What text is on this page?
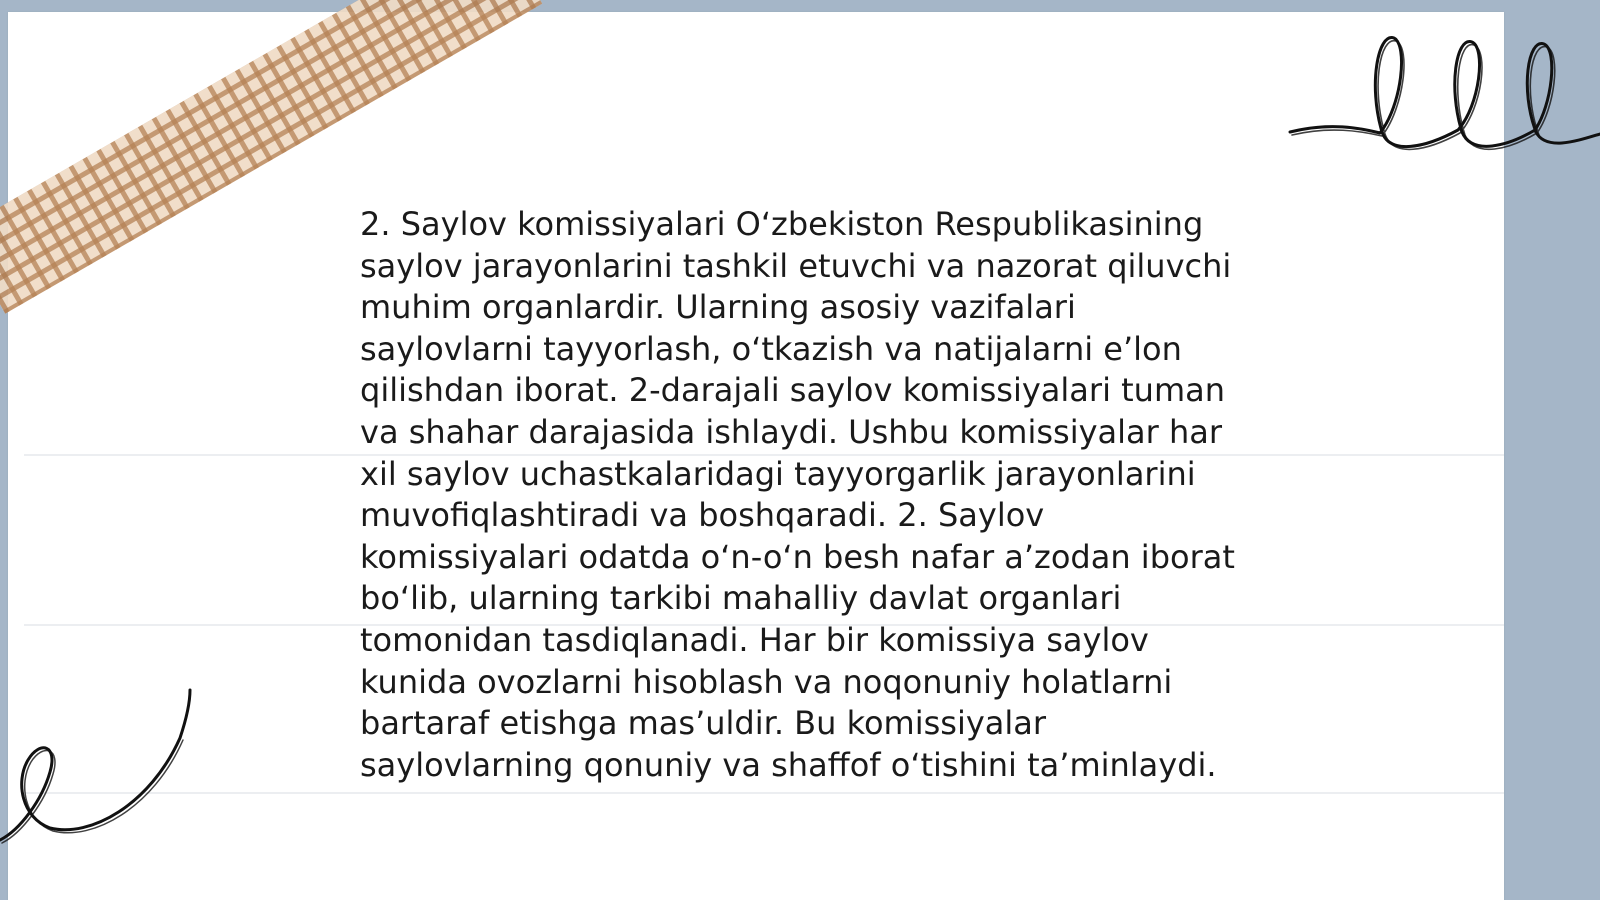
2. Saylov komissiyalari O‘zbekiston Respublikasining
saylov jarayonlarini tashkil etuvchi va nazorat qiluvchi
muhim organlardir. Ularning asosiy vazifalari
saylovlarni tayyorlash, o‘tkazish va natijalarni e’lon
qilishdan iborat. 2-darajali saylov komissiyalari tuman
va shahar darajasida ishlaydi. Ushbu komissiyalar har
xil saylov uchastkalaridagi tayyorgarlik jarayonlarini
muvofiqlashtiradi va boshqaradi. 2. Saylov
komissiyalari odatda o‘n-o‘n besh nafar a’zodan iborat
bo‘lib, ularning tarkibi mahalliy davlat organlari
tomonidan tasdiqlanadi. Har bir komissiya saylov
kunida ovozlarni hisoblash va noqonuniy holatlarni
bartaraf etishga mas’uldir. Bu komissiyalar
saylovlarning qonuniy va shaffof o‘tishini ta’minlaydi.
